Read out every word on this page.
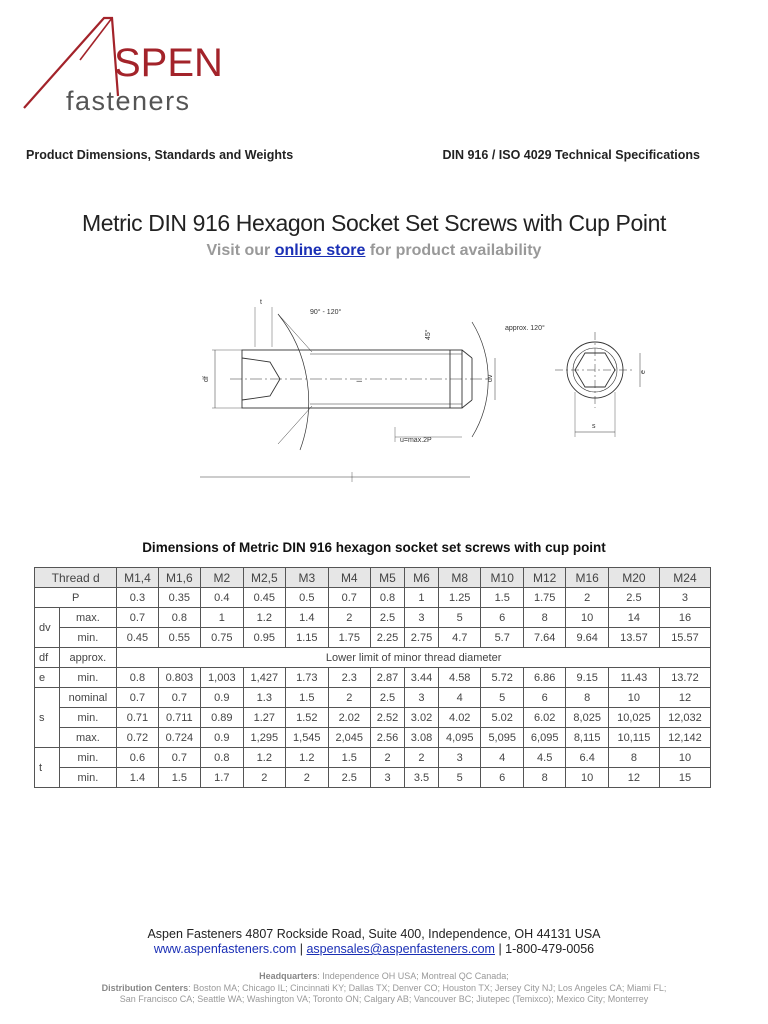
SPEN
fasteners
Product Dimensions, Standards and Weights	DIN 916 / ISO 4029 Technical Specifications
Metric DIN 916 Hexagon Socket Set Screws with Cup Point
Visit our online store for product availability
90° - 120°
approx. 120°
45°
t
df	dv
l
e
s
u=max.2P
Dimensions of Metric DIN 916 hexagon socket set screws with cup point
Thread d		M1,4	M1,6	M2	M2,5	M3	M4	M5	M6	M8	M10	M12	M16	M20	M24
P		0.3	0.35	0.4	0.45	0.5	0.7	0.8	1	1.25	1.5	1.75	2	2.5	3
dv	max.	0.7	0.8	1	1.2	1.4	2	2.5	3	5	6	8	10	14	16
	min.	0.45	0.55	0.75	0.95	1.15	1.75	2.25	2.75	4.7	5.7	7.64	9.64	13.57	15.57
df	approx.	Lower limit of minor thread diameter													
e	min.	0.8	0.803	1,003	1,427	1.73	2.3	2.87	3.44	4.58	5.72	6.86	9.15	11.43	13.72
s	nominal	0.7	0.7	0.9	1.3	1.5	2	2.5	3	4	5	6	8	10	12
	min.	0.71	0.711	0.89	1.27	1.52	2.02	2.52	3.02	4.02	5.02	6.02	8,025	10,025	12,032
	max.	0.72	0.724	0.9	1,295	1,545	2,045	2.56	3.08	4,095	5,095	6,095	8,115	10,115	12,142
t	min.	0.6	0.7	0.8	1.2	1.2	1.5	2	2	3	4	4.5	6.4	8	10
	min.	1.4	1.5	1.7	2	2	2.5	3	3.5	5	6	8	10	12	15
Aspen Fasteners 4807 Rockside Road, Suite 400, Independence, OH 44131 USA
www.aspenfasteners.com | aspensales@aspenfasteners.com | 1-800-479-0056
Headquarters: Independence OH USA; Montreal QC Canada;
Distribution Centers: Boston MA; Chicago IL; Cincinnati KY; Dallas TX; Denver CO; Houston TX; Jersey City NJ; Los Angeles CA; Miami FL;
San Francisco CA; Seattle WA; Washington VA; Toronto ON; Calgary AB; Vancouver BC; Jiutepec (Temixco); Mexico City; Monterrey
